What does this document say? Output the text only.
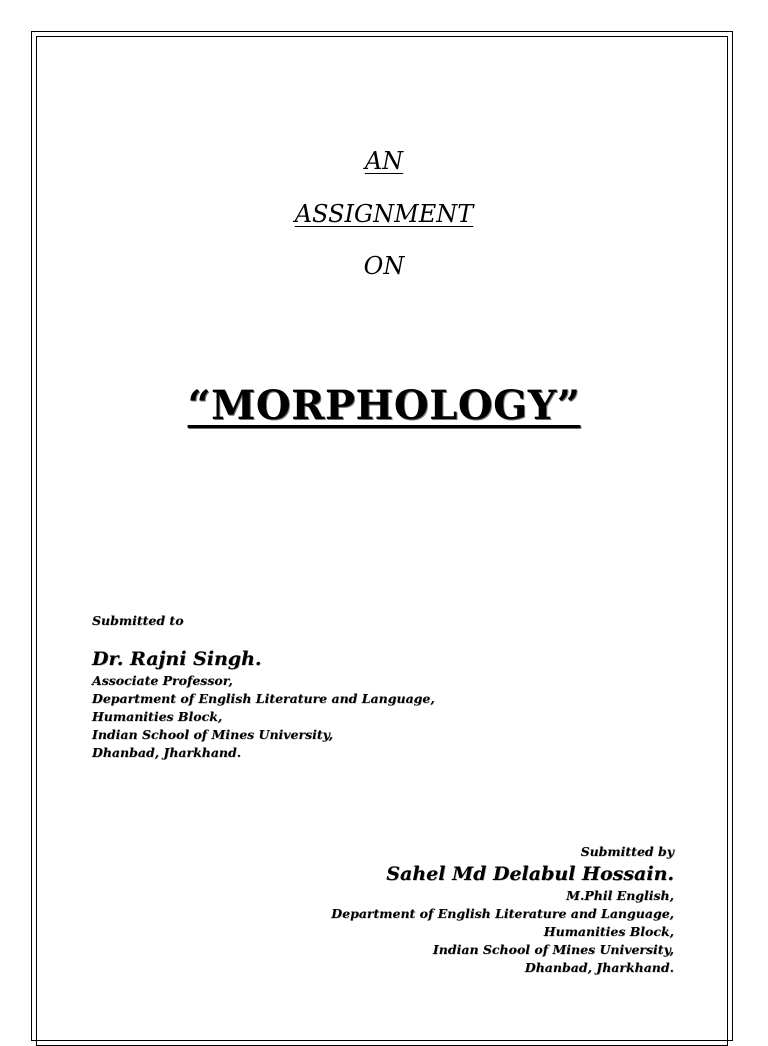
AN
ASSIGNMENT
ON
“MORPHOLOGY”
Submitted to
Dr. Rajni Singh.
Associate Professor,
Department of English Literature and Language,
Humanities Block,
Indian School of Mines University,
Dhanbad, Jharkhand.
Submitted by
Sahel Md Delabul Hossain.
M.Phil English,
Department of English Literature and Language,
Humanities Block,
Indian School of Mines University,
Dhanbad, Jharkhand.
